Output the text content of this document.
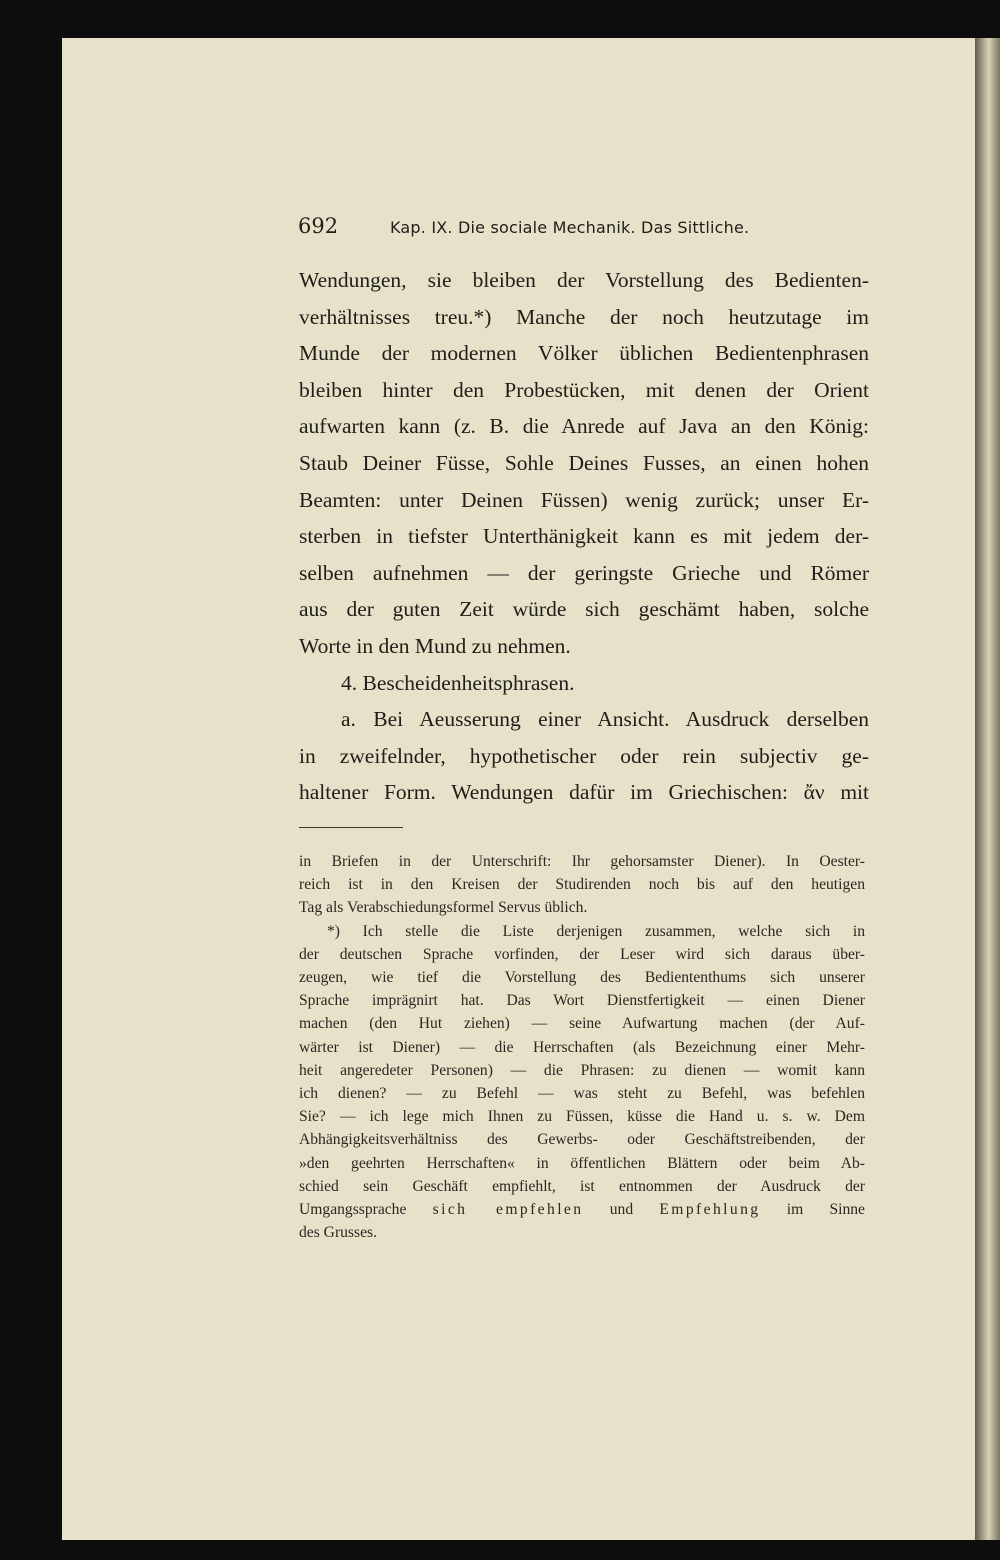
692	Kap. IX. Die sociale Mechanik. Das Sittliche.
Wendungen, sie bleiben der Vorstellung des Bedienten-
verhältnisses treu.*) Manche der noch heutzutage im
Munde der modernen Völker üblichen Bedientenphrasen
bleiben hinter den Probestücken, mit denen der Orient
aufwarten kann (z. B. die Anrede auf Java an den König:
Staub Deiner Füsse, Sohle Deines Fusses, an einen hohen
Beamten: unter Deinen Füssen) wenig zurück; unser Er-
sterben in tiefster Unterthänigkeit kann es mit jedem der-
selben aufnehmen — der geringste Grieche und Römer
aus der guten Zeit würde sich geschämt haben, solche
Worte in den Mund zu nehmen.
4. Bescheidenheitsphrasen.
a. Bei Aeusserung einer Ansicht. Ausdruck derselben
in zweifelnder, hypothetischer oder rein subjectiv ge-
haltener Form. Wendungen dafür im Griechischen: ἄν mit
in Briefen in der Unterschrift: Ihr gehorsamster Diener). In Oester-
reich ist in den Kreisen der Studirenden noch bis auf den heutigen
Tag als Verabschiedungsformel Servus üblich.
*) Ich stelle die Liste derjenigen zusammen, welche sich in
der deutschen Sprache vorfinden, der Leser wird sich daraus über-
zeugen, wie tief die Vorstellung des Bediententhums sich unserer
Sprache imprägnirt hat. Das Wort Dienstfertigkeit — einen Diener
machen (den Hut ziehen) — seine Aufwartung machen (der Auf-
wärter ist Diener) — die Herrschaften (als Bezeichnung einer Mehr-
heit angeredeter Personen) — die Phrasen: zu dienen — womit kann
ich dienen? — zu Befehl — was steht zu Befehl, was befehlen
Sie? — ich lege mich Ihnen zu Füssen, küsse die Hand u. s. w. Dem
Abhängigkeitsverhältniss des Gewerbs- oder Geschäftstreibenden, der
»den geehrten Herrschaften« in öffentlichen Blättern oder beim Ab-
schied sein Geschäft empfiehlt, ist entnommen der Ausdruck der
Umgangssprache sich empfehlen und Empfehlung im Sinne
des Grusses.
